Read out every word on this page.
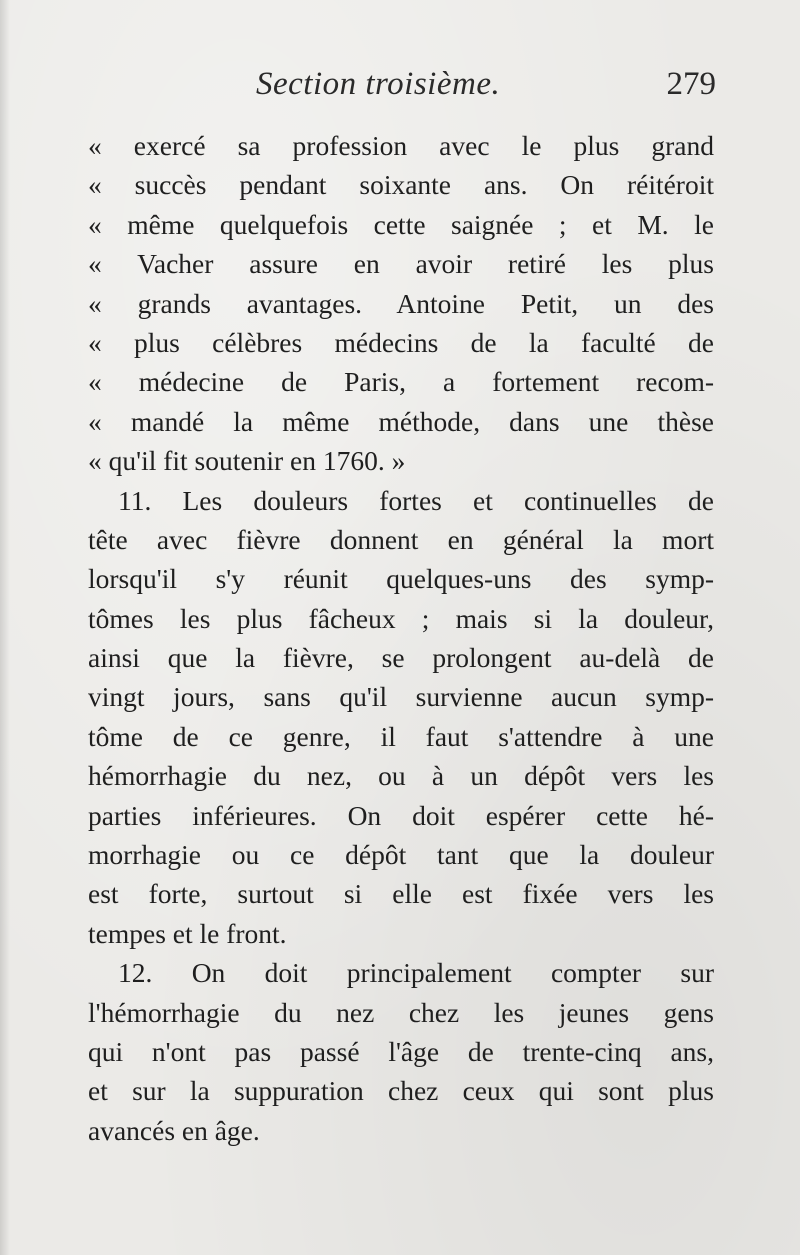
Section troisième.	279
« exercé sa profession avec le plus grand
« succès pendant soixante ans. On réitéroit
« même quelquefois cette saignée ; et M. le
« Vacher assure en avoir retiré les plus
« grands avantages. Antoine Petit, un des
« plus célèbres médecins de la faculté de
« médecine de Paris, a fortement recom-
« mandé la même méthode, dans une thèse
« qu'il fit soutenir en 1760. »
11. Les douleurs fortes et continuelles de
tête avec fièvre donnent en général la mort
lorsqu'il s'y réunit quelques-uns des symp-
tômes les plus fâcheux ; mais si la douleur,
ainsi que la fièvre, se prolongent au-delà de
vingt jours, sans qu'il survienne aucun symp-
tôme de ce genre, il faut s'attendre à une
hémorrhagie du nez, ou à un dépôt vers les
parties inférieures. On doit espérer cette hé-
morrhagie ou ce dépôt tant que la douleur
est forte, surtout si elle est fixée vers les
tempes et le front.
12. On doit principalement compter sur
l'hémorrhagie du nez chez les jeunes gens
qui n'ont pas passé l'âge de trente-cinq ans,
et sur la suppuration chez ceux qui sont plus
avancés en âge.
